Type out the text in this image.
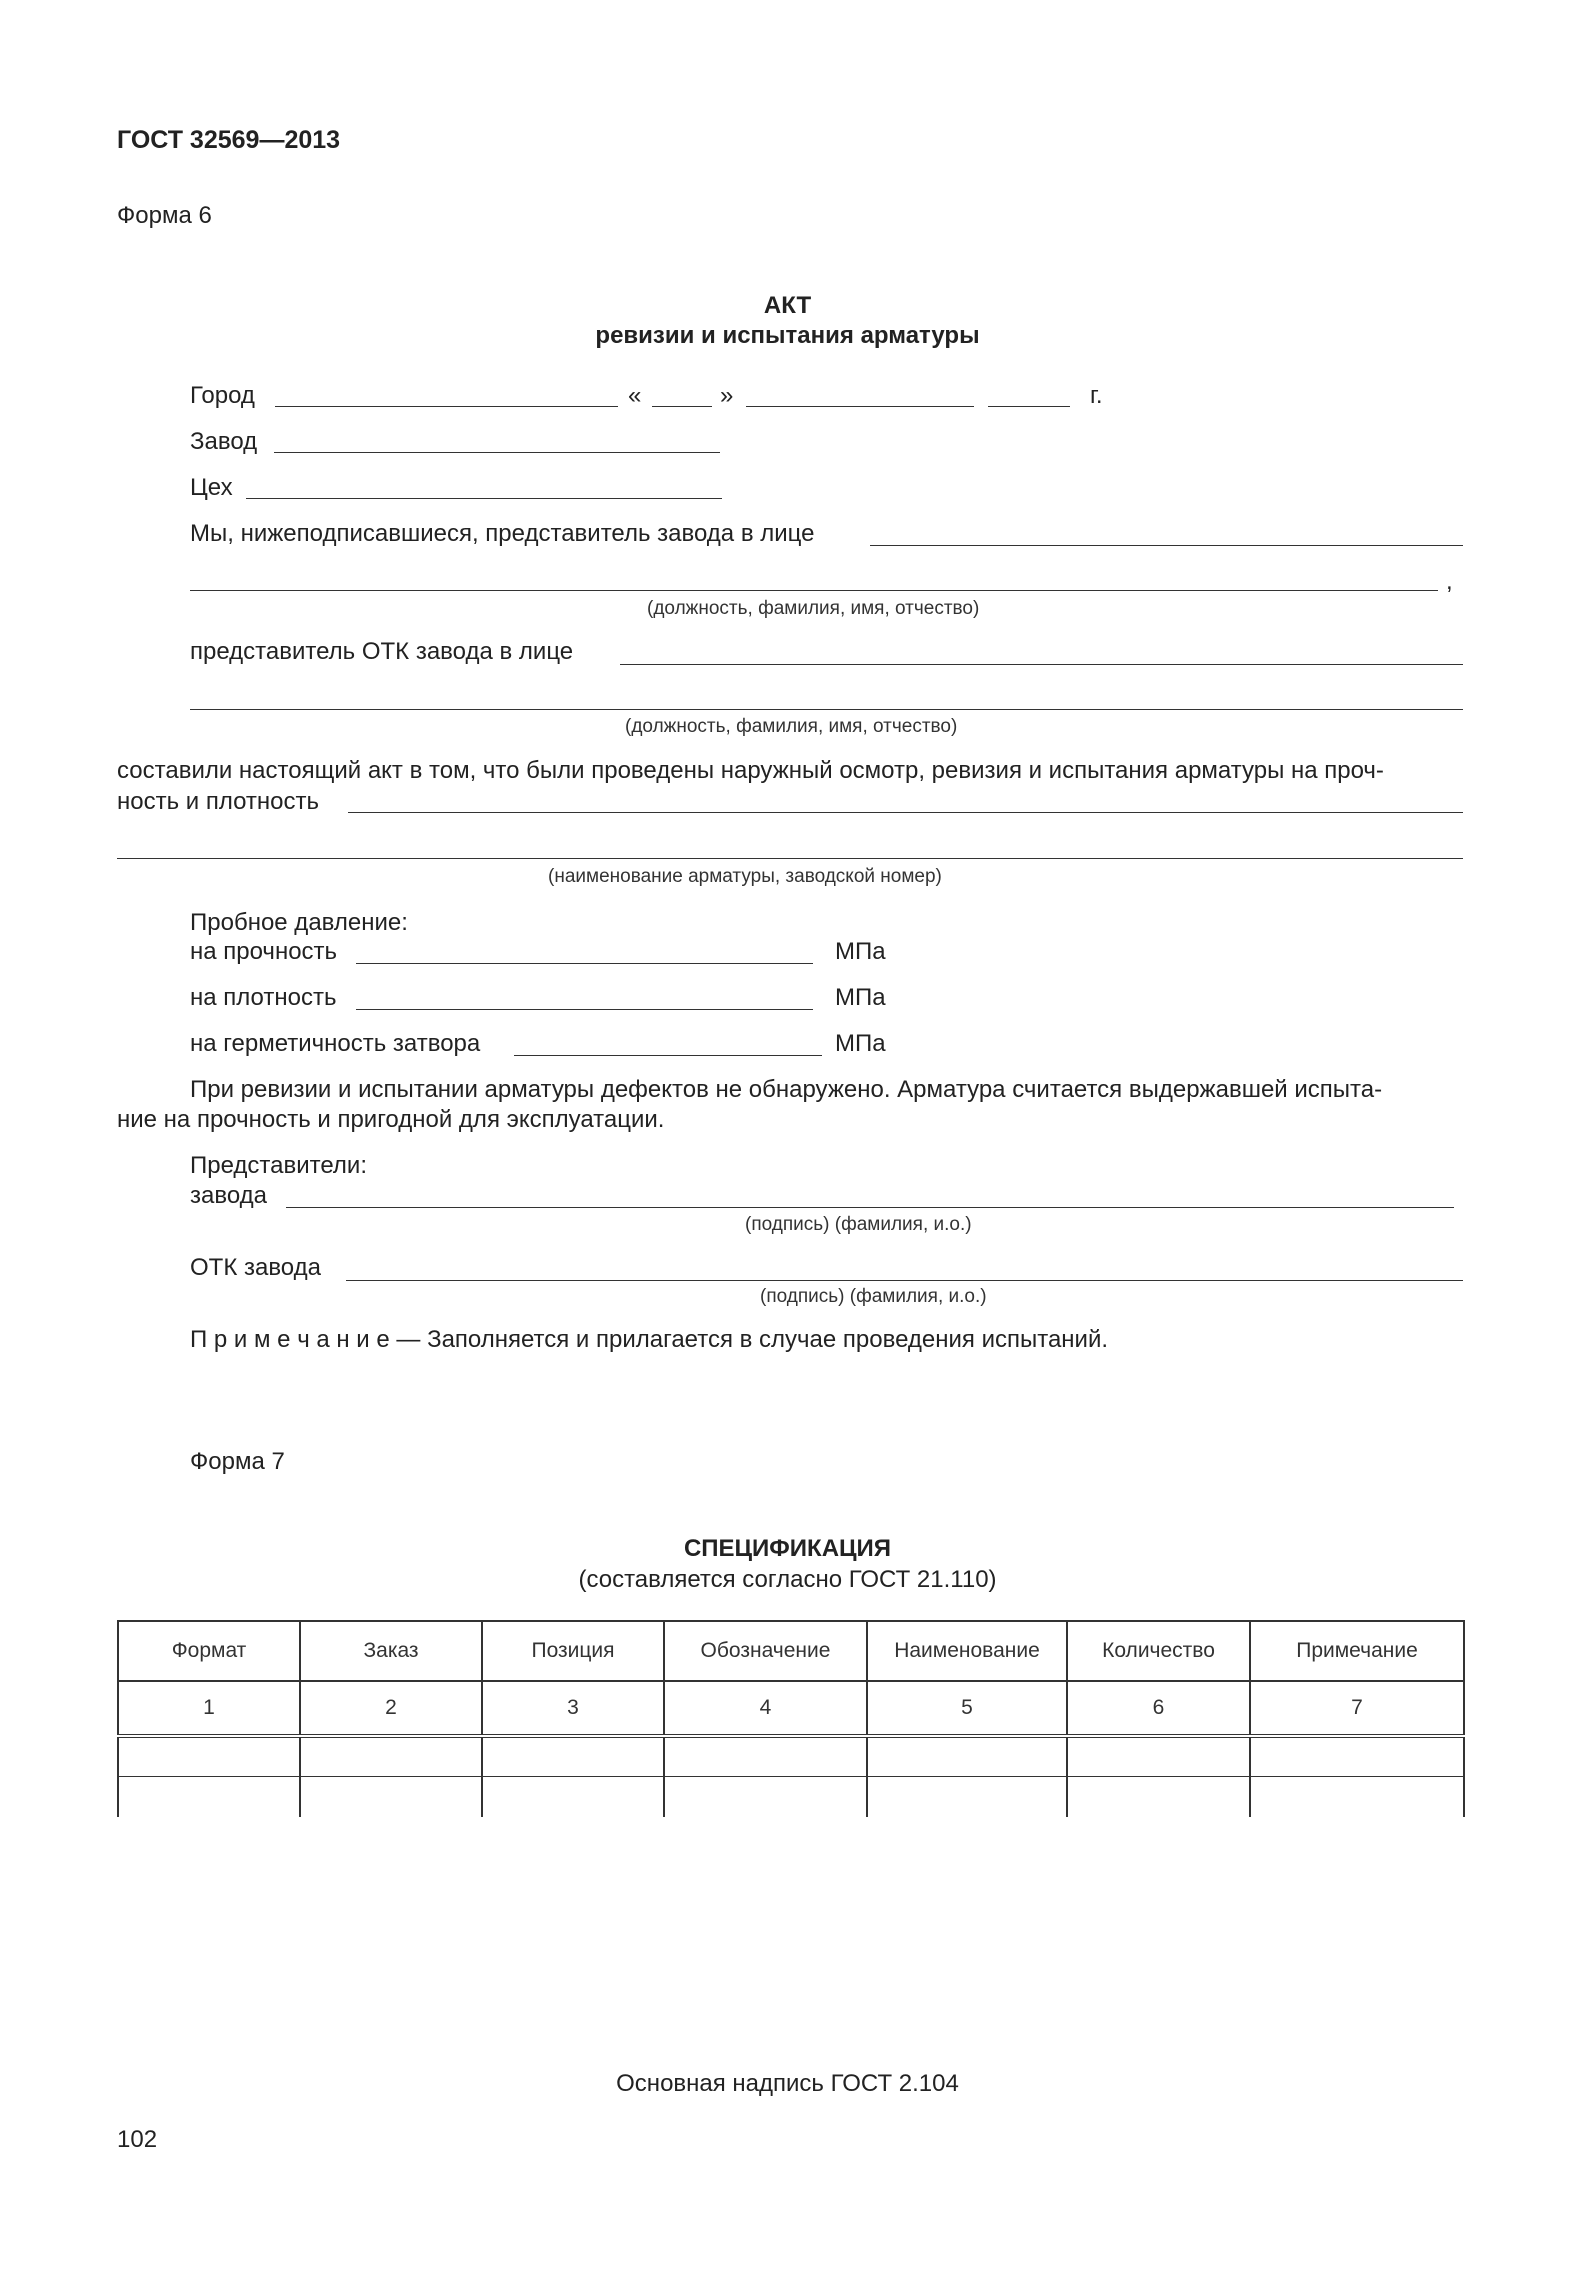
ГОСТ 32569—2013
Форма 6
АКТ
ревизии и испытания арматуры
Город	«	»	г.
Завод
Цех
Мы, нижеподписавшиеся, представитель завода в лице
,
(должность, фамилия, имя, отчество)
представитель ОТК завода в лице
(должность, фамилия, имя, отчество)
составили настоящий акт в том, что были проведены наружный осмотр, ревизия и испытания арматуры на проч-
ность и плотность
(наименование арматуры, заводской номер)
Пробное давление:
на прочность	МПа
на плотность	МПа
на герметичность затвора	МПа
При ревизии и испытании арматуры дефектов не обнаружено. Арматура считается выдержавшей испыта-
ние на прочность и пригодной для эксплуатации.
Представители:
завода
(подпись) (фамилия, и.о.)
ОТК завода
(подпись) (фамилия, и.о.)
П р и м е ч а н и е — Заполняется и прилагается в случае проведения испытаний.
Форма 7
СПЕЦИФИКАЦИЯ
(составляется согласно ГОСТ 21.110)
Формат	Заказ	Позиция	Обозначение	Наименование	Количество	Примечание
1	2	3	4	5	6	7

Основная надпись ГОСТ 2.104
102
